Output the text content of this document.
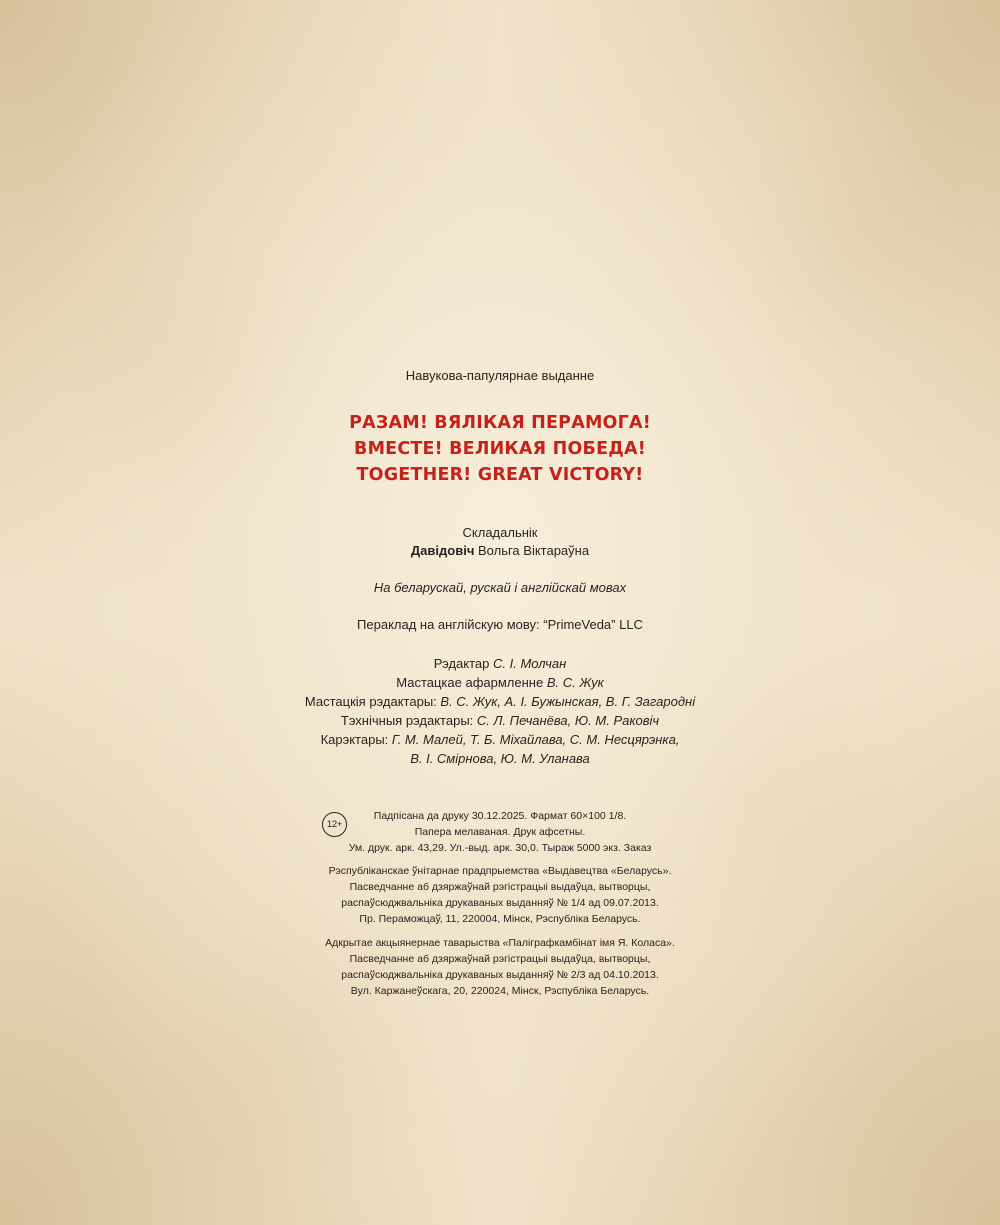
Навукова-папулярнае выданне
РАЗАМ! ВЯЛІКАЯ ПЕРАМОГА!
ВМЕСТЕ! ВЕЛИКАЯ ПОБЕДА!
TOGETHER! GREAT VICTORY!
Складальнік
Давідовіч Вольга Віктараўна
На беларускай, рускай і англійскай мовах
Пераклад на англійскую мову: “PrimeVeda” LLC
Рэдактар С. І. Молчан
Мастацкае афармленне В. С. Жук
Мастацкія рэдактары: В. С. Жук, А. І. Бужынская, В. Г. Загародні
Тэхнічныя рэдактары: С. Л. Печанёва, Ю. М. Раковіч
Карэктары: Г. М. Малей, Т. Б. Міхайлава, С. М. Несцярэнка,
В. І. Смірнова, Ю. М. Уланава
12+
Падпісана да друку 30.12.2025. Фармат 60×100 1/8.
Папера мелаваная. Друк афсетны.
Ум. друк. арк. 43,29. Ул.-выд. арк. 30,0. Тыраж 5000 экз. Заказ
Рэспубліканскае ўнітарнае прадпрыемства «Выдавецтва «Беларусь».
Пасведчанне аб дзяржаўнай рэгістрацыі выдаўца, вытворцы,
распаўсюджвальніка друкаваных выданняў № 1/4 ад 09.07.2013.
Пр. Пераможцаў, 11, 220004, Мінск, Рэспубліка Беларусь.
Адкрытае акцыянернае таварыства «Паліграфкамбінат імя Я. Коласа».
Пасведчанне аб дзяржаўнай рэгістрацыі выдаўца, вытворцы,
распаўсюджвальніка друкаваных выданняў № 2/3 ад 04.10.2013.
Вул. Каржанеўскага, 20, 220024, Мінск, Рэспубліка Беларусь.
